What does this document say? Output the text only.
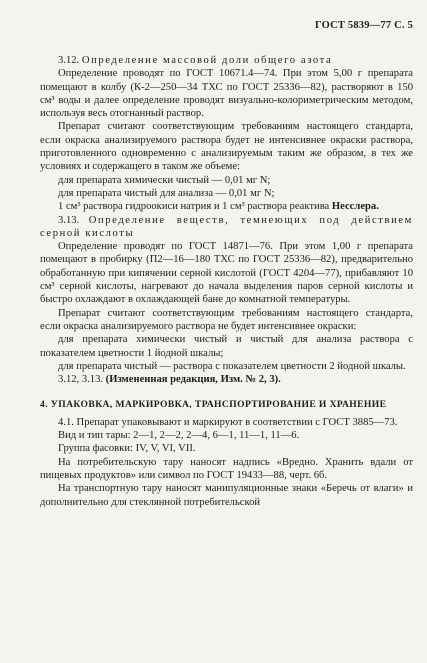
ГОСТ 5839—77 С. 5

3.12. Определение массовой доли общего азота

Определение проводят по ГОСТ 10671.4—74. При этом 5,00 г препарата помещают в колбу (К-2—250—34 ТХС по ГОСТ 25336—82), растворяют в 150 см³ воды и далее определение проводят визуально-колориметрическим методом, используя весь отогнанный раствор.

Препарат считают соответствующим требованиям настоящего стандарта, если окраска анализируемого раствора будет не интенсивнее окраски раствора, приготовленного одновременно с анализируемым таким же образом, в тех же условиях и содержащего в таком же объеме:

для препарата химически чистый — 0,01 мг N;

для препарата чистый для анализа — 0,01 мг N;

1 см³ раствора гидроокиси натрия и 1 см³ раствора реактива Несслера.

3.13. Определение веществ, темнеющих под действием серной кислоты

Определение проводят по ГОСТ 14871—76. При этом 1,00 г препарата помещают в пробирку (П2—16—180 ТХС по ГОСТ 25336—82), предварительно обработанную при кипячении серной кислотой (ГОСТ 4204—77), прибавляют 10 см³ серной кислоты, нагревают до начала выделения паров серной кислоты и быстро охлаждают в охлаждающей бане до комнатной температуры.

Препарат считают соответствующим требованиям настоящего стандарта, если окраска анализируемого раствора не будет интенсивнее окраски:

для препарата химически чистый и чистый для анализа раствора с показателем цветности 1 йодной шкалы;

для препарата чистый — раствора с показателем цветности 2 йодной шкалы.

3.12, 3.13. (Измененная редакция, Изм. № 2, 3).

4. УПАКОВКА, МАРКИРОВКА, ТРАНСПОРТИРОВАНИЕ И ХРАНЕНИЕ

4.1. Препарат упаковывают и маркируют в соответствии с ГОСТ 3885—73.

Вид и тип тары: 2—1, 2—2, 2—4, 6—1, 11—1, 11—6.

Группа фасовки: IV, V, VI, VII.

На потребительскую тару наносят надпись «Вредно. Хранить вдали от пищевых продуктов» или символ по ГОСТ 19433—88, черт. 6б.

На транспортную тару наносят манипуляционные знаки «Беречь от влаги» и дополнительно для стеклянной потребительской
